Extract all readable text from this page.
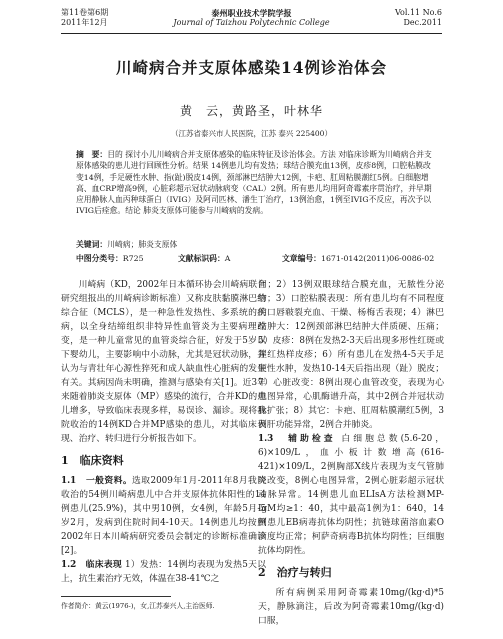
第11卷第6期
2011年12月
泰州职业技术学院学报
Journal of Taizhou Polytechnic College
Vol.11 No.6
Dec.2011
川崎病合并支原体感染14例诊治体会
黄　云，黄路圣，叶林华
（江苏省泰兴市人民医院，江苏 泰兴 225400）
摘　要：目的 探讨小儿川崎病合并支原体感染的临床特征及诊治体会。方法 对临床诊断为川崎病合并支原体感染的患儿进行回顾性分析。结果 14例患儿均有发热；球结合膜充血13例，皮疹8例，口腔粘膜改变14例，手足硬性水肿、指(趾)脱皮14例，颈部淋巴结肿大12例，卡疤、肛周粘膜潮红5例。白细胞增高、血CRP增高9例，心脏彩超示冠状动脉病变（CAL）2例。所有患儿均用阿奇霉素序贯治疗，并早期应用静脉人血丙种球蛋白（IVIG）及阿司匹林、潘生丁治疗，13例治愈，1例至IVIG不反应，再次予以IVIG后痊愈。结论 肺炎支原体可能参与川崎病的发病。
关键词：川崎病；肺炎支原体
中图分类号：R725	文献标识码：A	文章编号：1671-0142(2011)06-0086-02

川崎病（KD，2002年日本循环协会川崎病联合研究组报出的川崎病诊断标准）又称皮肤黏膜淋巴结综合征（MCLS），是一种急性发热性、多系统的疾病，以全身结缔组织非特异性血管炎为主要病理改变，是一种儿童常见的血管炎综合征，好发于5岁以下婴幼儿，主要影响中小动脉，尤其是冠状动脉，并认为与青壮年心源性猝死和成人缺血性心脏病的发生有关。其病因尚未明确，推测与感染有关[1]。近3年来随着肺炎支原体（MP）感染的流行，合并KD的患儿增多，导致临床表现多样，易误诊、漏诊。现将我院收治的14例KD合并MP感染的患儿，对其临床表现、治疗、转归进行分析报告如下。

1　临床资料

1.1　一般资料。选取2009年1月-2011年8月我院收治的54例川崎病患儿中合并支原体抗体阳性的14例患儿(25.9%)，其中男10例，女4例，年龄5月-5岁2月，发病到住院时间4-10天。14例患儿均按照2002年日本川崎病研究委员会制定的诊断标准确诊[2]。

1.2　临床表现 1）发热：14例均表现为发热5天以上，抗生素治疗无效，体温在38-41℃之

间；2）13例双眼球结合膜充血，无脓性分泌物；3）口腔粘膜表现：所有患儿均有不同程度的口唇皲裂充血、干燥、杨梅舌表现；4）淋巴结肿大：12例颈部淋巴结肿大伴质硬、压痛；5）皮疹：8例在发热2-3天后出现多形性红斑或猩红热样皮疹；6）所有患儿在发热4-5天手足硬性水肿，发热10-14天后指出现（趾）脱皮；7）心脏改变：8例出现心血管改变，表现为心电图异常，心肌酶谱升高，其中2例合并冠状动脉扩张；8）其它：卡疤、肛周粘膜潮红5例，3例肝功能异常，2例合并肺炎。

1.3　辅助检查 白细胞总数(5.6-20，6)×109/L，血小板计数增高(616-421)×109/L，2例胸部X线片表现为支气管肺炎改变，8例心电图异常，2例心脏彩超示冠状动脉异常。14例患儿血ELIsA方法检测MP-IgM均≥1：40，其中最高1例为1：640，14例患儿EB病毒抗体均阴性；抗链球菌溶血素O滴度均正常；柯萨奇病毒B抗体均阴性；巨细胞抗体均阴性。

2　治疗与转归

所有病例采用阿奇霉素10mg/(kg·d)*5天，静脉滴注，后改为阿奇霉素10mg/(kg·d)口服，

作者简介：黄云(1976-)，女,江苏泰兴人,主治医师.
